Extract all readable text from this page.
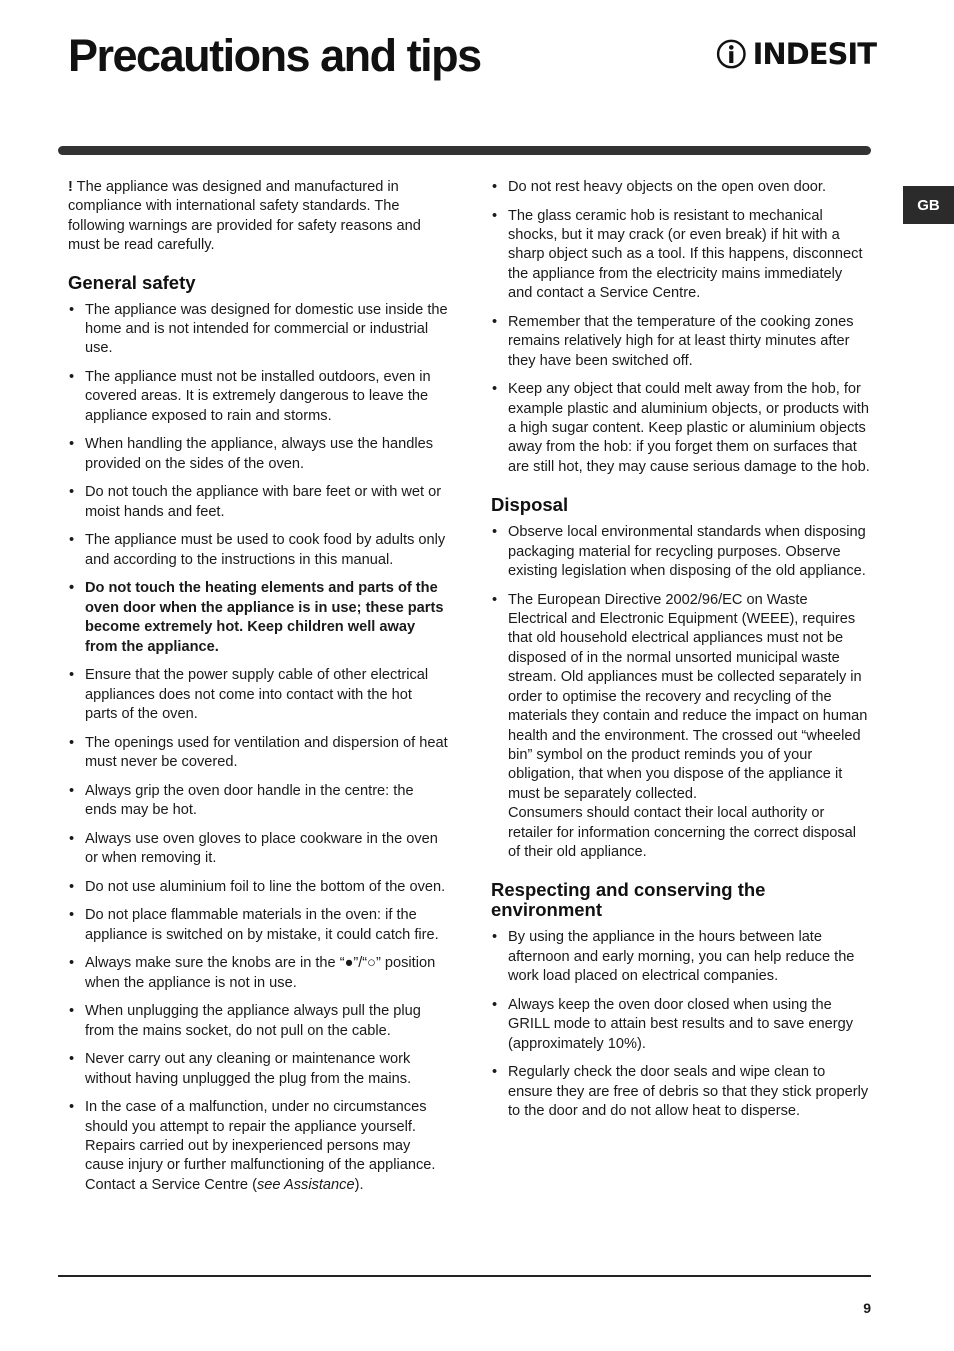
Precautions and tips	INDESIT
GB

! The appliance was designed and manufactured in compliance with international safety standards. The following warnings are provided for safety reasons and must be read carefully.

General safety
• The appliance was designed for domestic use inside the home and is not intended for commercial or industrial use.
• The appliance must not be installed outdoors, even in covered areas. It is extremely dangerous to leave the appliance exposed to rain and storms.
• When handling the appliance, always use the handles provided on the sides of the oven.
• Do not touch the appliance with bare feet or with wet or moist hands and feet.
• The appliance must be used to cook food by adults only and according to the instructions in this manual.
• Do not touch the heating elements and parts of the oven door when the appliance is in use; these parts become extremely hot. Keep children well away from the appliance.
• Ensure that the power supply cable of other electrical appliances does not come into contact with the hot parts of the oven.
• The openings used for ventilation and dispersion of heat must never be covered.
• Always grip the oven door handle in the centre: the ends may be hot.
• Always use oven gloves to place cookware in the oven or when removing it.
• Do not use aluminium foil to line the bottom of the oven.
• Do not place flammable materials in the oven: if the appliance is switched on by mistake, it could catch fire.
• Always make sure the knobs are in the “●”/“○” position when the appliance is not in use.
• When unplugging the appliance always pull the plug from the mains socket, do not pull on the cable.
• Never carry out any cleaning or maintenance work without having unplugged the plug from the mains.
• In the case of a malfunction, under no circumstances should you attempt to repair the appliance yourself. Repairs carried out by inexperienced persons may cause injury or further malfunctioning of the appliance. Contact a Service Centre (see Assistance).
• Do not rest heavy objects on the open oven door.
• The glass ceramic hob is resistant to mechanical shocks, but it may crack (or even break) if hit with a sharp object such as a tool. If this happens, disconnect the appliance from the electricity mains immediately and contact a Service Centre.
• Remember that the temperature of the cooking zones remains relatively high for at least thirty minutes after they have been switched off.
• Keep any object that could melt away from the hob, for example plastic and aluminium objects, or products with a high sugar content. Keep plastic or aluminium objects away from the hob: if you forget them on surfaces that are still hot, they may cause serious damage to the hob.
Disposal
• Observe local environmental standards when disposing packaging material for recycling purposes. Observe existing legislation when disposing of the old appliance.
• The European Directive 2002/96/EC on Waste Electrical and Electronic Equipment (WEEE), requires that old household electrical appliances must not be disposed of in the normal unsorted municipal waste stream. Old appliances must be collected separately in order to optimise the recovery and recycling of the materials they contain and reduce the impact on human health and the environment. The crossed out “wheeled bin” symbol on the product reminds you of your obligation, that when you dispose of the appliance it must be separately collected.
Consumers should contact their local authority or retailer for information concerning the correct disposal of their old appliance.
Respecting and conserving the environment
• By using the appliance in the hours between late afternoon and early morning, you can help reduce the work load placed on electrical companies.
• Always keep the oven door closed when using the GRILL mode to attain best results and to save energy (approximately 10%).
• Regularly check the door seals and wipe clean to ensure they are free of debris so that they stick properly to the door and do not allow heat to disperse.
9
